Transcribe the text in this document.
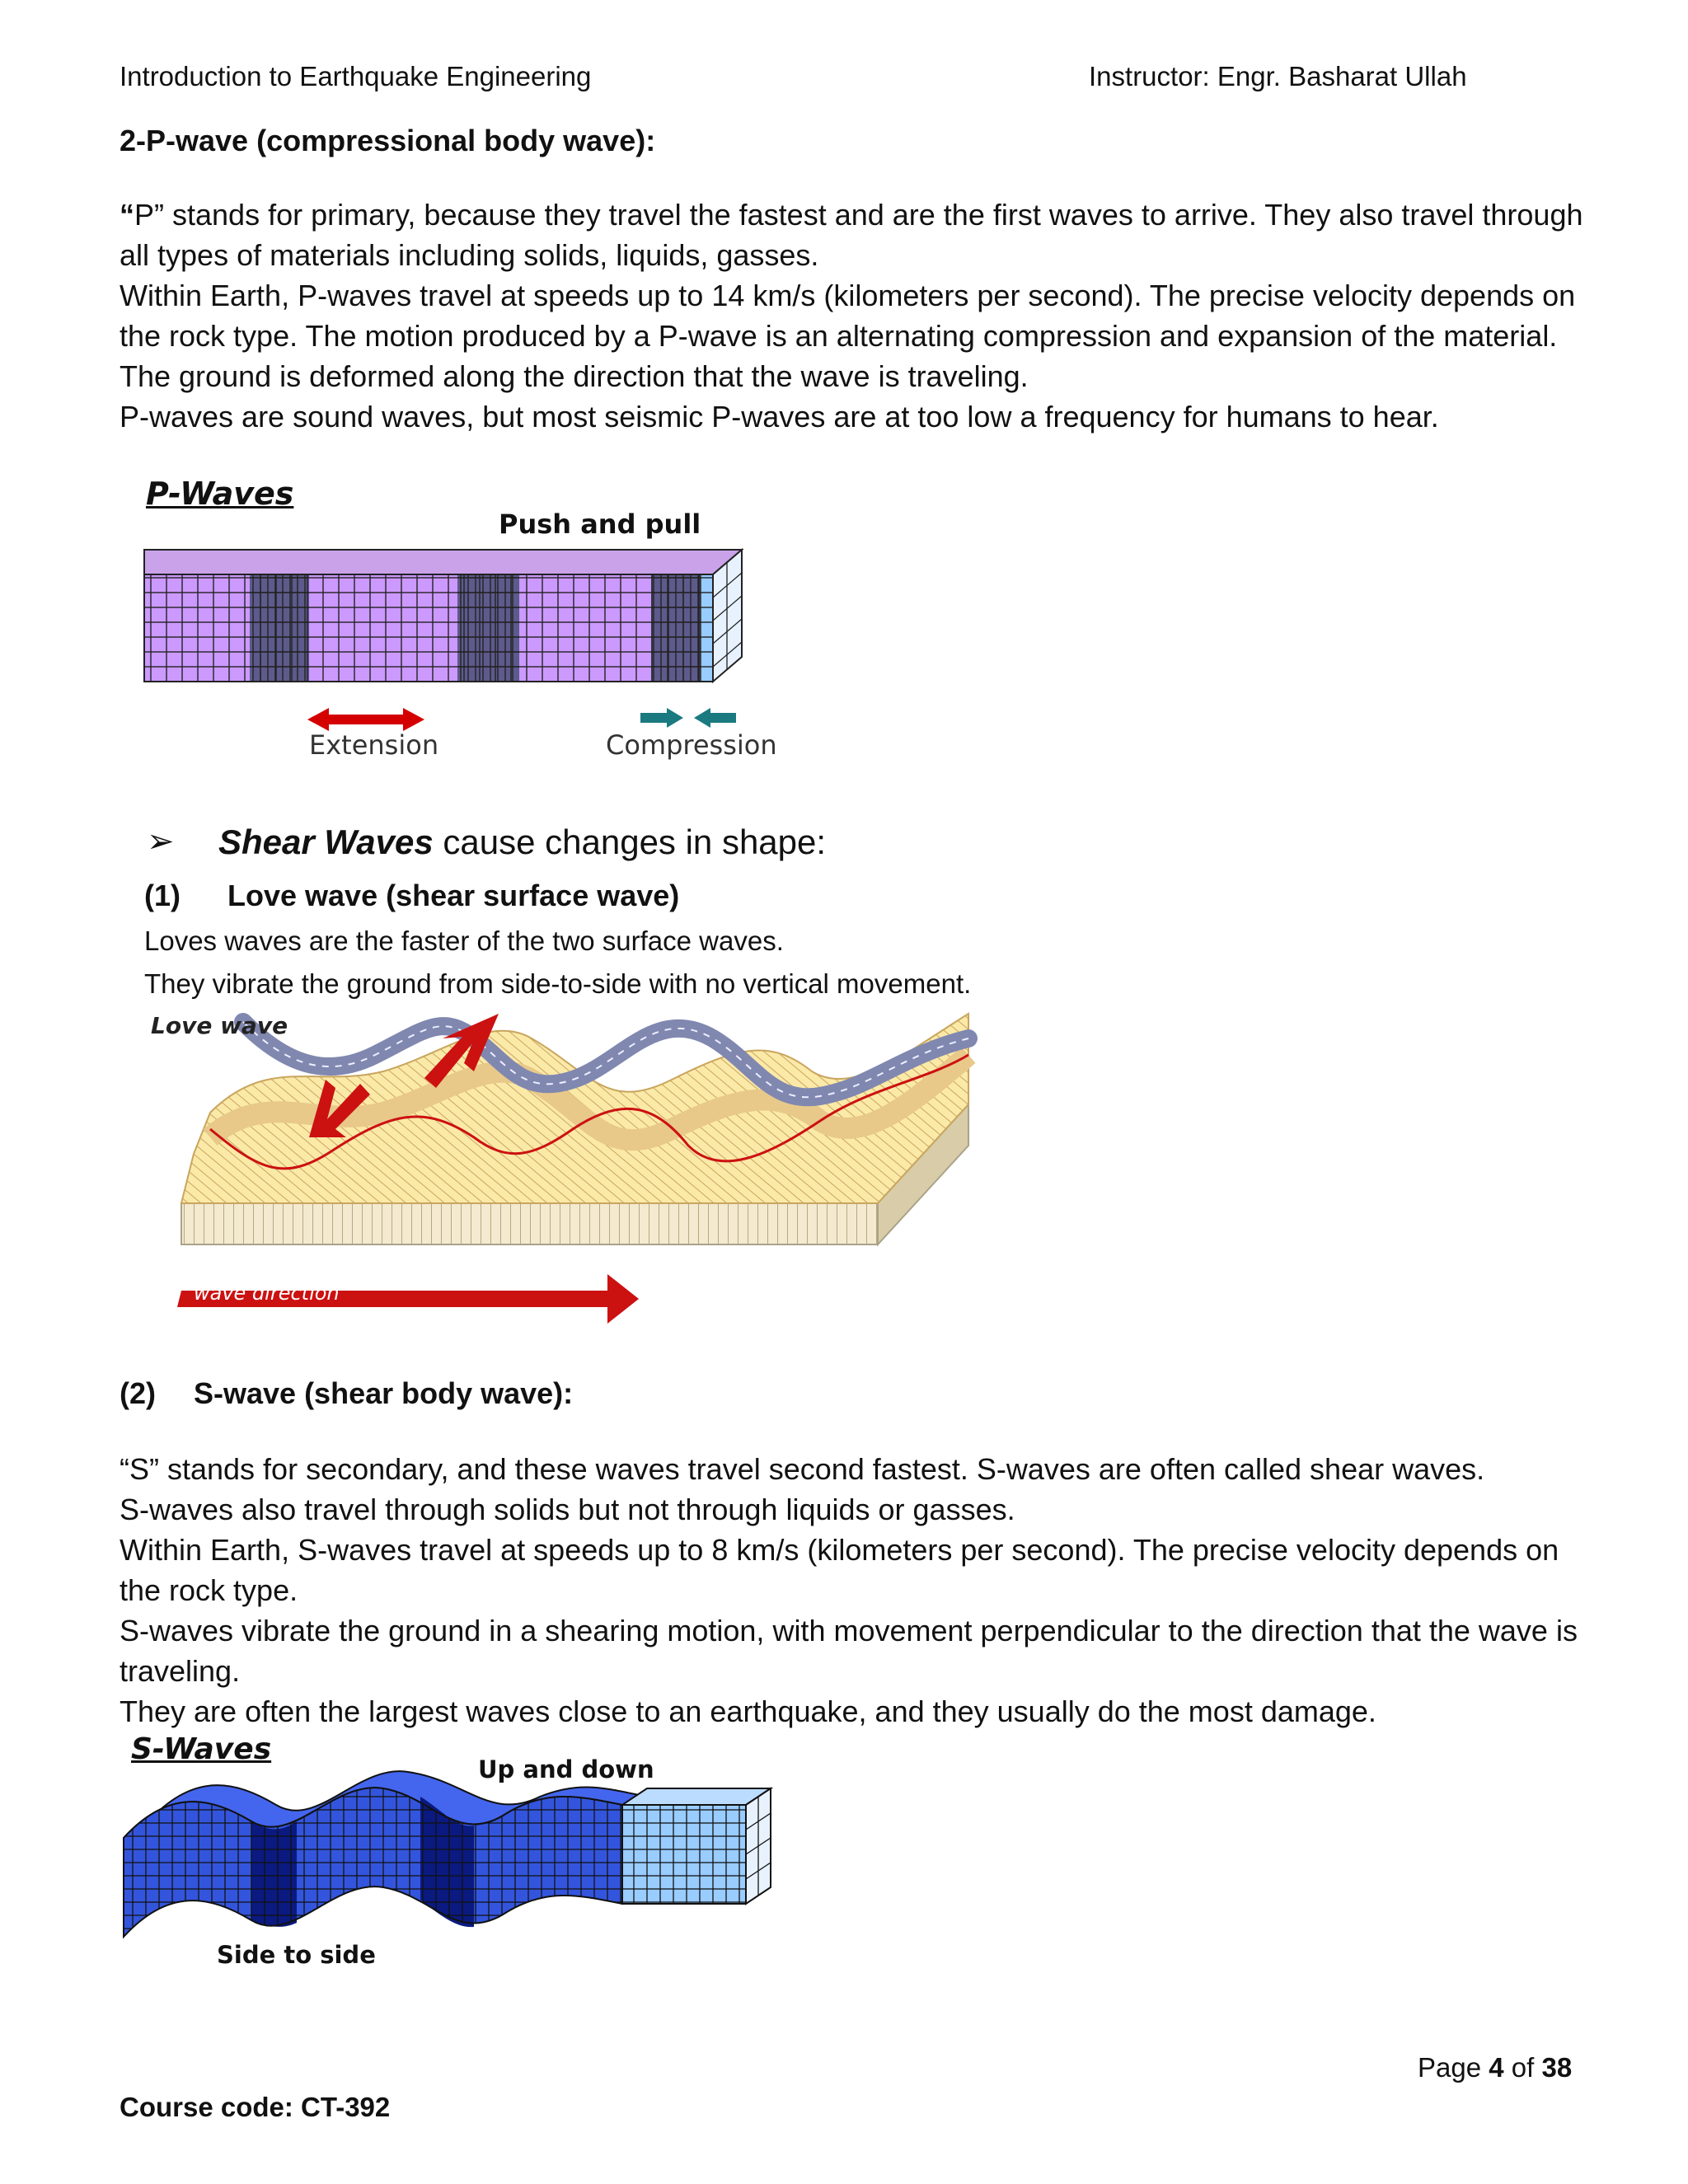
Introduction to Earthquake Engineering	Instructor: Engr. Basharat Ullah
2-P-wave (compressional body wave):

“P” stands for primary, because they travel the fastest and are the first waves to arrive. They also travel through all types of materials including solids, liquids, gasses.

Within Earth, P-waves travel at speeds up to 14 km/s (kilometers per second). The precise velocity depends on the rock type. The motion produced by a P-wave is an alternating compression and expansion of the material.

The ground is deformed along the direction that the wave is traveling.

P-waves are sound waves, but most seismic P-waves are at too low a frequency for humans to hear.

P-Waves
Push and pull
Extension	Compression
➢ Shear Waves cause changes in shape:
(1) Love wave (shear surface wave)
Loves waves are the faster of the two surface waves.
They vibrate the ground from side-to-side with no vertical movement.
Love wave
wave direction
(2) S-wave (shear body wave):

“S” stands for secondary, and these waves travel second fastest. S-waves are often called shear waves.

S-waves also travel through solids but not through liquids or gasses.

Within Earth, S-waves travel at speeds up to 8 km/s (kilometers per second). The precise velocity depends on the rock type.

S-waves vibrate the ground in a shearing motion, with movement perpendicular to the direction that the wave is traveling.

They are often the largest waves close to an earthquake, and they usually do the most damage.

S-Waves
Up and down
Side to side
Page 4 of 38
Course code: CT-392
